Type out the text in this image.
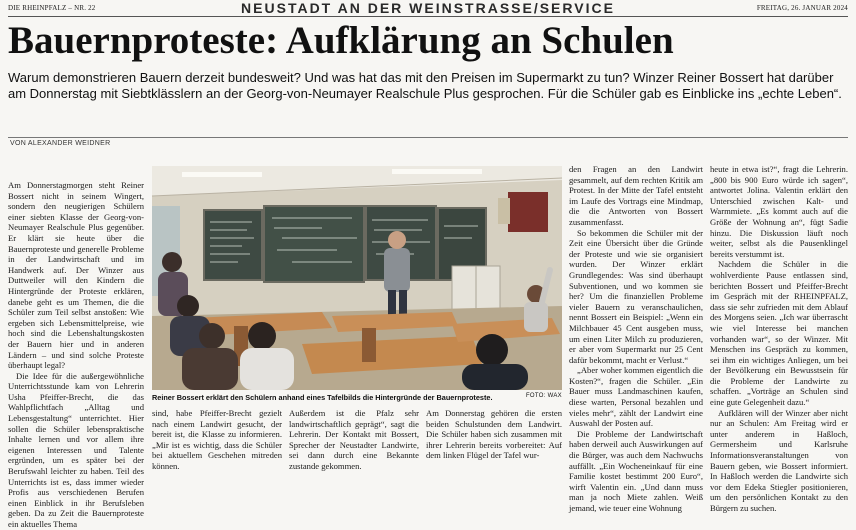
DIE RHEINPFALZ – NR. 22	NEUSTADT AN DER WEINSTRASSE/SERVICE	FREITAG, 26. JANUAR 2024
Bauernproteste: Aufklärung an Schulen
Warum demonstrieren Bauern derzeit bundesweit? Und was hat das mit den Preisen im Supermarkt zu tun? Winzer Reiner Bossert hat darüber am Donnerstag mit Siebtklässlern an der Georg-von-Neumayer Realschule Plus gesprochen. Für die Schüler gab es Einblicke ins „echte Leben“.
VON ALEXANDER WEIDNER

Am Donnerstagmorgen steht Reiner Bossert nicht in seinem Wingert, sondern den neugierigen Schülern einer siebten Klasse der Georg-von-Neumayer Realschule Plus gegenüber. Er klärt sie heute über die Bauernproteste und generelle Probleme in der Landwirtschaft und im Handwerk auf. Der Winzer aus Duttweiler will den Kindern die Hintergründe der Proteste erklären, danebe geht es um Themen, die die Schüler zum Teil selbst anstoßen: Wie ergeben sich Lebensmittelpreise, wie hoch sind die Lebenshaltungskosten der Bauern hier und in anderen Ländern – und sind solche Proteste überhaupt legal?

Die Idee für die außergewöhnliche Unterrichtsstunde kam von Lehrerin Usha Pfeiffer-Brecht, die das Wahlpflichtfach „Alltag und Lebensgestaltung“ unterrichtet. Hier sollen die Schüler lebenspraktische Inhalte lernen und vor allem ihre eigenen Interessen und Talente ergründen, um es später bei der Berufswahl leichter zu haben. Teil des Unterrichts ist es, dass immer wieder Profis aus verschiedenen Berufen einen Einblick in ihr Berufsleben geben. Da zu Zeit die Bauernproteste ein aktuelles Thema

Reiner Bossert erklärt den Schülern anhand eines Tafelbilds die Hintergründe der Bauernproteste.	FOTO: WAX

sind, habe Pfeiffer-Brecht gezielt nach einem Landwirt gesucht, der bereit ist, die Klasse zu informieren. „Mir ist es wichtig, dass die Schüler bei aktuellem Geschehen mitreden können.

Außerdem ist die Pfalz sehr landwirtschaftlich geprägt“, sagt die Lehrerin. Der Kontakt mit Bossert, Sprecher der Neustadter Landwirte, sei dann durch eine Bekannte zustande gekommen.

Am Donnerstag gehören die ersten beiden Schulstunden dem Landwirt. Die Schüler haben sich zusammen mit ihrer Lehrerin bereits vorbereitet: Auf dem linken Flügel der Tafel wur-

den Fragen an den Landwirt gesammelt, auf dem rechten Kritik am Protest. In der Mitte der Tafel entsteht im Laufe des Vortrags eine Mindmap, die die Antworten von Bossert zusammenfasst.

So bekommen die Schüler mit der Zeit eine Übersicht über die Gründe der Proteste und wie sie organisiert wurden. Der Winzer erklärt Grundlegendes: Was sind überhaupt Subventionen, und wo kommen sie her? Um die finanziellen Probleme vieler Bauern zu veranschaulichen, nennt Bossert ein Beispiel: „Wenn ein Milchbauer 45 Cent ausgeben muss, um einen Liter Milch zu produzieren, er aber vom Supermarkt nur 25 Cent dafür bekommt, macht er Verlust.“

„Aber woher kommen eigentlich die Kosten?“, fragen die Schüler. „Ein Bauer muss Landmaschinen kaufen, diese warten, Personal bezahlen und vieles mehr“, zählt der Landwirt eine Auswahl der Posten auf.

Die Probleme der Landwirtschaft haben derweil auch Auswirkungen auf die Bürger, was auch dem Nachwuchs auffällt. „Ein Wocheneinkauf für eine Familie kostet bestimmt 200 Euro“, wirft Valentin ein. „Und dann muss man ja noch Miete zahlen. Weiß jemand, wie teuer eine Wohnung

heute in etwa ist?“, fragt die Lehrerin. „800 bis 900 Euro würde ich sagen“, antwortet Jolina. Valentin erklärt den Unterschied zwischen Kalt- und Warmmiete. „Es kommt auch auf die Größe der Wohnung an“, fügt Sadie hinzu. Die Diskussion läuft noch weiter, selbst als die Pausenklingel bereits verstummt ist.

Nachdem die Schüler in die wohlverdiente Pause entlassen sind, berichten Bossert und Pfeiffer-Brecht im Gespräch mit der RHEINPFALZ, dass sie sehr zufrieden mit dem Ablauf des Morgens seien. „Ich war überrascht wie viel Interesse bei manchen vorhanden war“, so der Winzer. Mit Menschen ins Gespräch zu kommen, sei ihm ein wichtiges Anliegen, um bei der Bevölkerung ein Bewusstsein für die Probleme der Landwirte zu schaffen. „Vorträge an Schulen sind eine gute Gelegenheit dazu.“

Aufklären will der Winzer aber nicht nur an Schulen: Am Freitag wird er unter anderem in Haßloch, Germersheim und Karlsruhe Informationsveranstaltungen von Bauern geben, wie Bossert informiert. In Haßloch werden die Landwirte sich vor dem Edeka Stiegler positionieren, um den persönlichen Kontakt zu den Bürgern zu suchen.
